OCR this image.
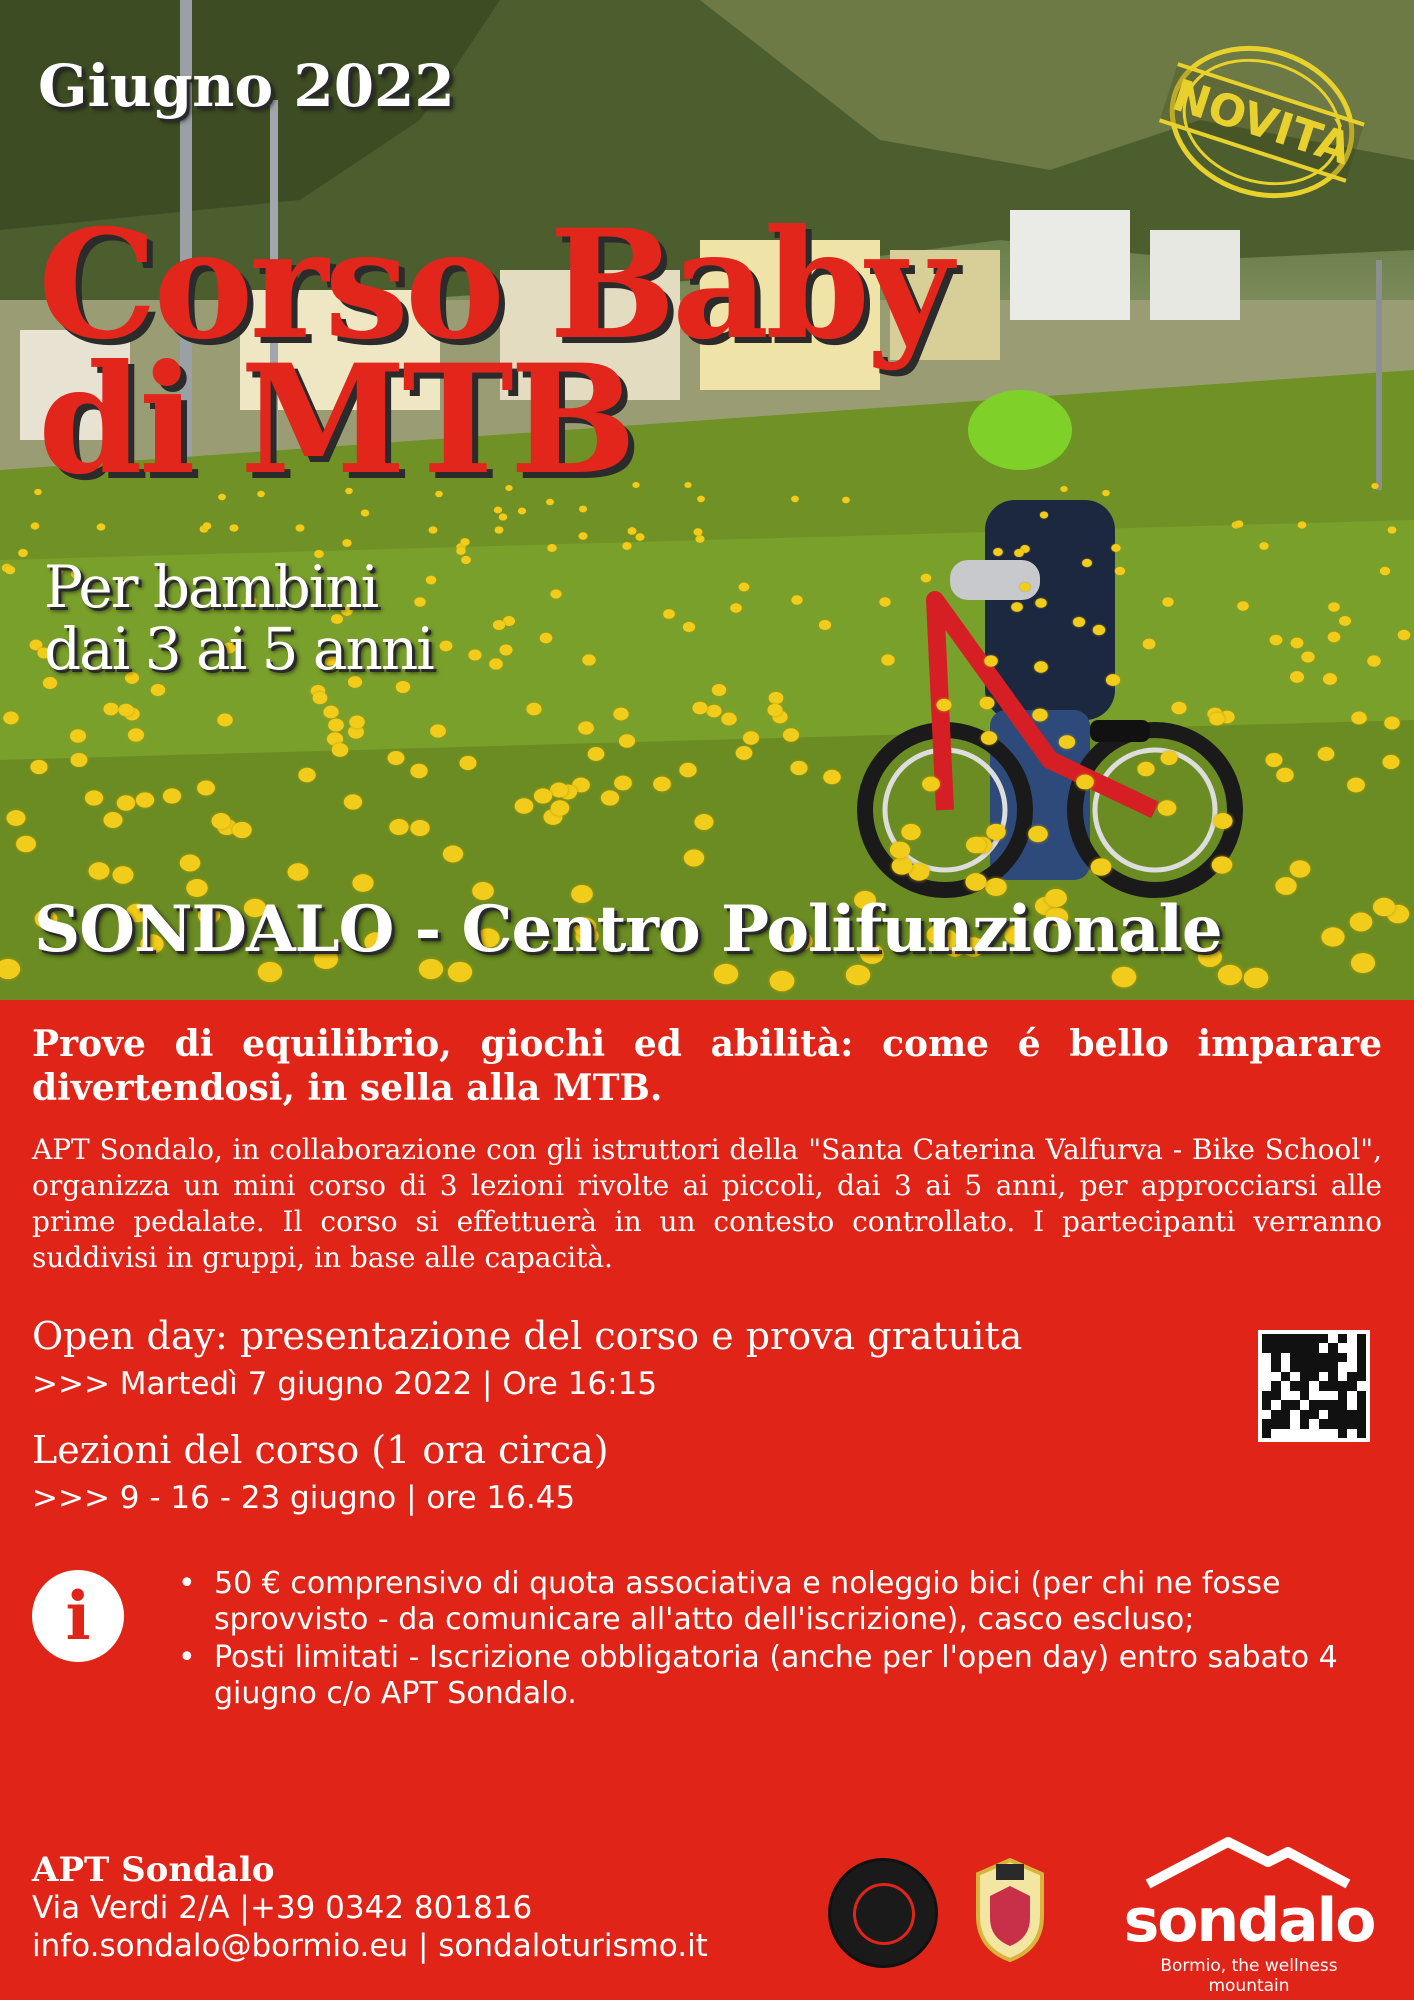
Giugno 2022
Corso Baby
di MTB
Per bambini
dai 3 ai 5 anni
SONDALO - Centro Polifunzionale
NOVITÀ

Prove di equilibrio, giochi ed abilità: come é bello imparare divertendosi, in sella alla MTB.

APT Sondalo, in collaborazione con gli istruttori della "Santa Caterina Valfurva - Bike School", organizza un mini corso di 3 lezioni rivolte ai piccoli, dai 3 ai 5 anni, per approcciarsi alle prime pedalate. Il corso si effettuerà in un contesto controllato. I partecipanti verranno suddivisi in gruppi, in base alle capacità.

Open day: presentazione del corso e prova gratuita
>>> Martedì 7 giugno 2022 | Ore 16:15
Lezioni del corso (1 ora circa)
>>> 9 - 16 - 23 giugno | ore 16.45
i
•	50 € comprensivo di quota associativa e noleggio bici (per chi ne fosse sprovvisto - da comunicare all'atto dell'iscrizione), casco escluso;
• Posti limitati - Iscrizione obbligatoria (anche per l'open day) entro sabato 4 giugno c/o APT Sondalo.
APT Sondalo
Via Verdi 2/A |+39 0342 801816
info.sondalo@bormio.eu | sondaloturismo.it	sondalo
Bormio, the wellness mountain
